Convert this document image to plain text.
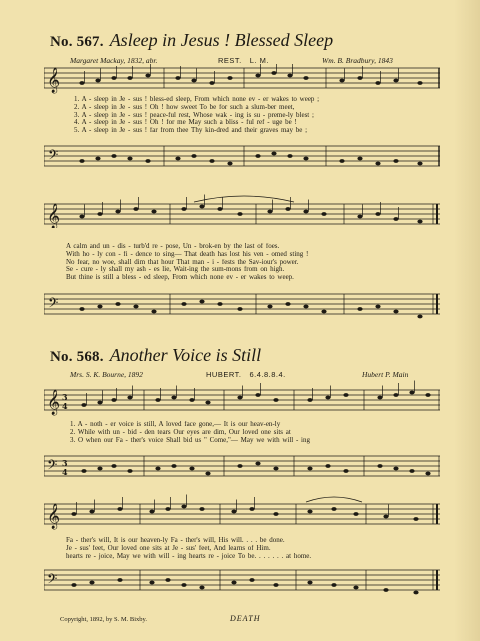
No. 567. Asleep in Jesus ! Blessed Sleep
Margaret Mackay, 1832, abr.	REST. L. M.	Wm. B. Bradbury, 1843
𝄞
1. A - sleep in Je - sus ! bless-ed sleep, From which none ev - er wakes to weep ;
2. A - sleep in Je - sus ! Oh ! how sweet To be for such a slum-ber meet,
3. A - sleep in Je - sus ! peace-ful rest, Whose wak - ing is su - preme-ly blest ;
4. A - sleep in Je - sus ! Oh ! for me May such a bliss - ful ref - uge be !
5. A - sleep in Je - sus ! far from thee Thy kin-dred and their graves may be ;
𝄢
𝄞
A calm and un - dis - turb'd re - pose, Un - brok-en by the last of foes.
With ho - ly con - fi - dence to sing— That death has lost his ven - omed sting !
No fear, no woe, shall dim that hour That man - i - fests the Sav-iour's power.
Se - cure - ly shall my ash - es lie, Wait-ing the sum-mons from on high.
But thine is still a bless - ed sleep, From which none ev - er wakes to weep.
𝄢
No. 568. Another Voice is Still
Mrs. S. K. Bourne, 1892	HUBERT. 6.4.8.8.4.	Hubert P. Main
𝄞 3
4
1. A - noth - er voice is still, A loved face gone,— It is our heav-en-ly
2. While with un - bid - den tears Our eyes are dim, Our loved one sits at
3. O when our Fa - ther's voice Shall bid us " Come,"— May we with will - ing
𝄢 3
4
𝄞
Fa - ther's will, It is our heaven-ly Fa - ther's will, His will. . . . be done.
Je - sus' feet, Our loved one sits at Je - sus' feet, And learns of Him.
hearts re - joice, May we with will - ing hearts re - joice To be. . . . . . . at home.
𝄢
Copyright, 1892, by S. M. Bixby.	DEATH
